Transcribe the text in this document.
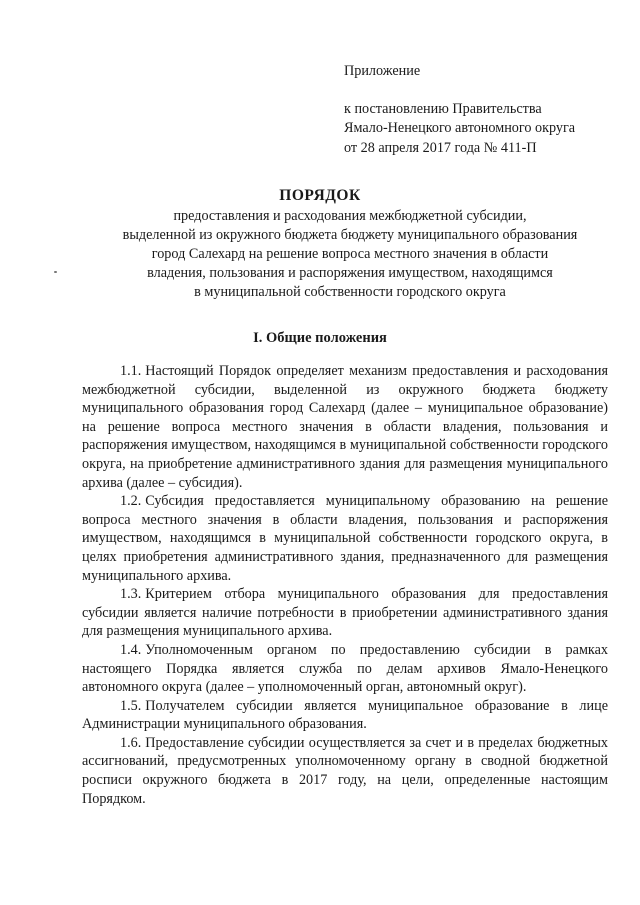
Приложение
к постановлению Правительства
Ямало-Ненецкого автономного округа
от 28 апреля 2017 года № 411-П
ПОРЯДОК
предоставления и расходования межбюджетной субсидии,
выделенной из окружного бюджета бюджету муниципального образования
город Салехард на решение вопроса местного значения в области
владения, пользования и распоряжения имуществом, находящимся
в муниципальной собственности городского округа
I. Общие положения

1.1. Настоящий Порядок определяет механизм предоставления и расходования межбюджетной субсидии, выделенной из окружного бюджета бюджету муниципального образования город Салехард (далее – муниципальное образование) на решение вопроса местного значения в области владения, пользования и распоряжения имуществом, находящимся в муниципальной собственности городского округа, на приобретение административного здания для размещения муниципального архива (далее – субсидия).

1.2. Субсидия предоставляется муниципальному образованию на решение вопроса местного значения в области владения, пользования и распоряжения имуществом, находящимся в муниципальной собственности городского округа, в целях приобретения административного здания, предназначенного для размещения муниципального архива.

1.3. Критерием отбора муниципального образования для предоставления субсидии является наличие потребности в приобретении административного здания для размещения муниципального архива.

1.4. Уполномоченным органом по предоставлению субсидии в рамках настоящего Порядка является служба по делам архивов Ямало-Ненецкого автономного округа (далее – уполномоченный орган, автономный округ).

1.5. Получателем субсидии является муниципальное образование в лице Администрации муниципального образования.

1.6. Предоставление субсидии осуществляется за счет и в пределах бюджетных ассигнований, предусмотренных уполномоченному органу в сводной бюджетной росписи окружного бюджета в 2017 году, на цели, определенные настоящим Порядком.
